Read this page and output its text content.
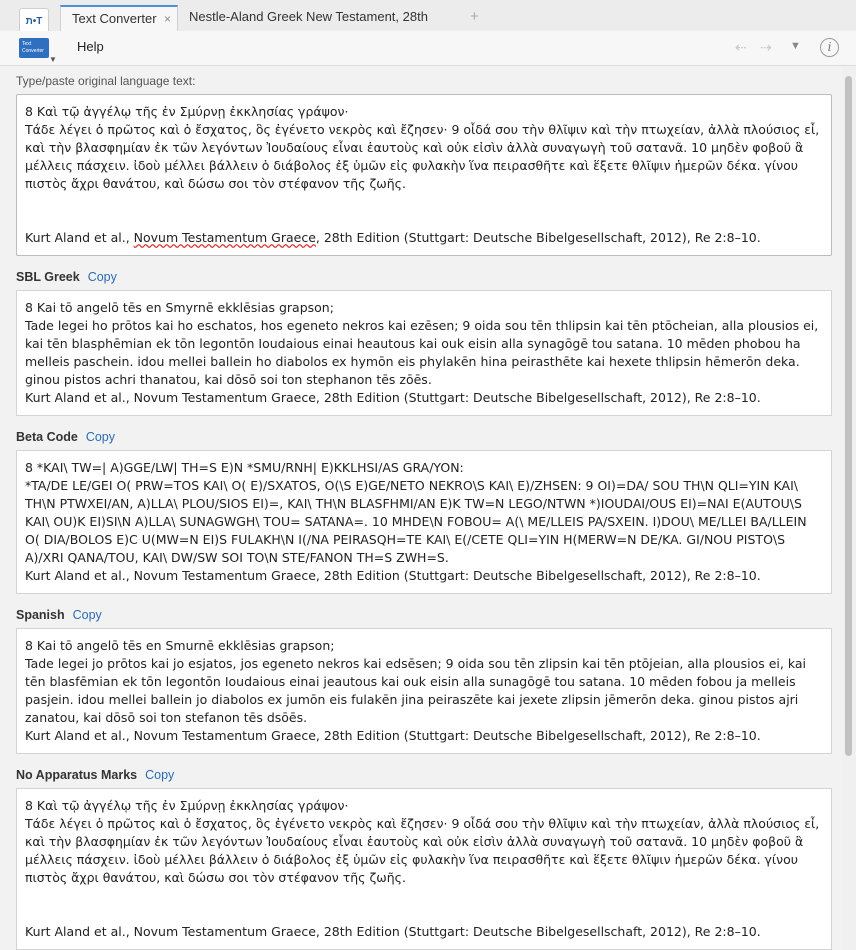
ת•T	Text Converter ×	Nestle-Aland Greek New Testament, 28th	+
Text Converter
▼
Help	⇠ ⇢ ▼	i
Type/paste original language text:

8 Καὶ τῷ ἀγγέλῳ τῆς ἐν Σμύρνῃ ἐκκλησίας γράψον·

Τάδε λέγει ὁ πρῶτος καὶ ὁ ἔσχατος, ὃς ἐγένετο νεκρὸς καὶ ἔζησεν· 9 οἶδά σου τὴν θλῖψιν καὶ τὴν πτωχείαν, ἀλλὰ πλούσιος εἶ, καὶ τὴν βλασφημίαν ἐκ τῶν λεγόντων Ἰουδαίους εἶναι ἑαυτοὺς καὶ οὐκ εἰσὶν ἀλλὰ συναγωγὴ τοῦ σατανᾶ. 10 μηδὲν φοβοῦ ἃ μέλλεις πάσχειν. ἰδοὺ μέλλει βάλλειν ὁ διάβολος ἐξ ὑμῶν εἰς φυλακὴν ἵνα πειρασθῆτε καὶ ἕξετε θλῖψιν ἡμερῶν δέκα. γίνου πιστὸς ἄχρι θανάτου, καὶ δώσω σοι τὸν στέφανον τῆς ζωῆς.

Kurt Aland et al., Novum Testamentum Graece, 28th Edition (Stuttgart: Deutsche Bibelgesellschaft, 2012), Re 2:8–10.

SBL Greek Copy

8 Kai tō angelō tēs en Smyrnē ekklēsias grapson;

Tade legei ho prōtos kai ho eschatos, hos egeneto nekros kai ezēsen; 9 oida sou tēn thlipsin kai tēn ptōcheian, alla plousios ei, kai tēn blasphēmian ek tōn legontōn Ioudaious einai heautous kai ouk eisin alla synagōgē tou satana. 10 mēden phobou ha melleis paschein. idou mellei ballein ho diabolos ex hymōn eis phylakēn hina peirasthēte kai hexete thlipsin hēmerōn deka. ginou pistos achri thanatou, kai dōsō soi ton stephanon tēs zōēs.

Kurt Aland et al., Novum Testamentum Graece, 28th Edition (Stuttgart: Deutsche Bibelgesellschaft, 2012), Re 2:8–10.

Beta Code Copy

8 *KAI\ TW=| A)GGE/LW| TH=S E)N *SMU/RNH| E)KKLHSI/AS GRA/YON:

*TA/DE LE/GEI O( PRW=TOS KAI\ O( E)/SXATOS, O(\S E)GE/NETO NEKRO\S KAI\ E)/ZHSEN: 9 OI)=DA/ SOU TH\N QLI=YIN KAI\ TH\N PTWXEI/AN, A)LLA\ PLOU/SIOS EI)=, KAI\ TH\N BLASFHMI/AN E)K TW=N LEGO/NTWN *)IOUDAI/OUS EI)=NAI E(AUTOU\S KAI\ OU)K EI)SI\N A)LLA\ SUNAGWGH\ TOU= SATANA=. 10 MHDE\N FOBOU= A(\ ME/LLEIS PA/SXEIN. I)DOU\ ME/LLEI BA/LLEIN O( DIA/BOLOS E)C U(MW=N EI)S FULAKH\N I(/NA PEIRASQH=TE KAI\ E(/CETE QLI=YIN H(MERW=N DE/KA. GI/NOU PISTO\S A)/XRI QANA/TOU, KAI\ DW/SW SOI TO\N STE/FANON TH=S ZWH=S.

Kurt Aland et al., Novum Testamentum Graece, 28th Edition (Stuttgart: Deutsche Bibelgesellschaft, 2012), Re 2:8–10.

Spanish Copy

8 Kai tō angelō tēs en Smurnē ekklēsias grapson;

Tade legei jo prōtos kai jo esjatos, jos egeneto nekros kai edsēsen; 9 oida sou tēn zlipsin kai tēn ptōjeian, alla plousios ei, kai tēn blasfēmian ek tōn legontōn Ioudaious einai jeautous kai ouk eisin alla sunagōgē tou satana. 10 mēden fobou ja melleis pasjein. idou mellei ballein jo diabolos ex jumōn eis fulakēn jina peiraszēte kai jexete zlipsin jēmerōn deka. ginou pistos ajri zanatou, kai dōsō soi ton stefanon tēs dsōēs.

Kurt Aland et al., Novum Testamentum Graece, 28th Edition (Stuttgart: Deutsche Bibelgesellschaft, 2012), Re 2:8–10.

No Apparatus Marks Copy

8 Καὶ τῷ ἀγγέλῳ τῆς ἐν Σμύρνῃ ἐκκλησίας γράψον·

Τάδε λέγει ὁ πρῶτος καὶ ὁ ἔσχατος, ὃς ἐγένετο νεκρὸς καὶ ἔζησεν· 9 οἶδά σου τὴν θλῖψιν καὶ τὴν πτωχείαν, ἀλλὰ πλούσιος εἶ, καὶ τὴν βλασφημίαν ἐκ τῶν λεγόντων Ἰουδαίους εἶναι ἑαυτοὺς καὶ οὐκ εἰσὶν ἀλλὰ συναγωγὴ τοῦ σατανᾶ. 10 μηδὲν φοβοῦ ἃ μέλλεις πάσχειν. ἰδοὺ μέλλει βάλλειν ὁ διάβολος ἐξ ὑμῶν εἰς φυλακὴν ἵνα πειρασθῆτε καὶ ἕξετε θλῖψιν ἡμερῶν δέκα. γίνου πιστὸς ἄχρι θανάτου, καὶ δώσω σοι τὸν στέφανον τῆς ζωῆς.

Kurt Aland et al., Novum Testamentum Graece, 28th Edition (Stuttgart: Deutsche Bibelgesellschaft, 2012), Re 2:8–10.
